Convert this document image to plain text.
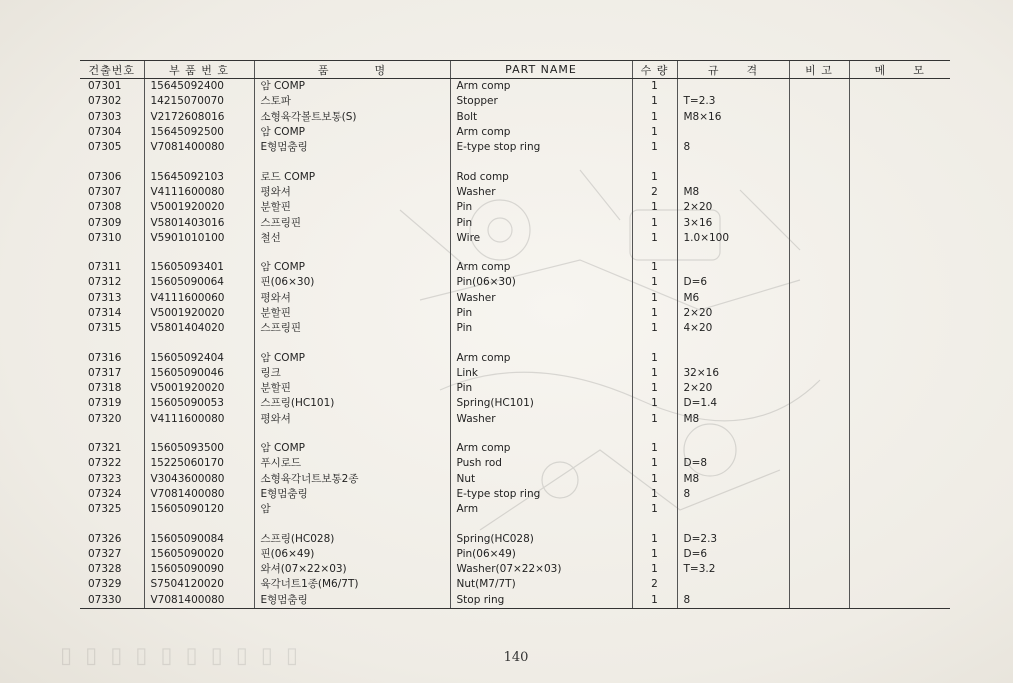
건출번호	부 품 번 호	품          명	PART NAME	수 량	규      격	비 고	메      모
07301	15645092400	암 COMP	Arm comp	1			
07302	14215070070	스토파	Stopper	1	T=2.3		
07303	V2172608016	소형육각볼트보통(S)	Bolt	1	M8×16		
07304	15645092500	암 COMP	Arm comp	1			
07305	V7081400080	E형멈춤링	E-type stop ring	1	8		

07306	15645092103	로드 COMP	Rod comp	1			
07307	V4111600080	평와셔	Washer	2	M8		
07308	V5001920020	분할핀	Pin	1	2×20		
07309	V5801403016	스프링핀	Pin	1	3×16		
07310	V5901010100	철선	Wire	1	1.0×100		

07311	15605093401	암 COMP	Arm comp	1			
07312	15605090064	핀(06×30)	Pin(06×30)	1	D=6		
07313	V4111600060	평와셔	Washer	1	M6		
07314	V5001920020	분할핀	Pin	1	2×20		
07315	V5801404020	스프링핀	Pin	1	4×20		

07316	15605092404	암 COMP	Arm comp	1			
07317	15605090046	링크	Link	1	32×16		
07318	V5001920020	분할핀	Pin	1	2×20		
07319	15605090053	스프링(HC101)	Spring(HC101)	1	D=1.4		
07320	V4111600080	평와셔	Washer	1	M8		

07321	15605093500	암 COMP	Arm comp	1			
07322	15225060170	푸시로드	Push rod	1	D=8		
07323	V3043600080	소형육각너트보통2종	Nut	1	M8		
07324	V7081400080	E형멈춤링	E-type stop ring	1	8		
07325	15605090120	암	Arm	1			

07326	15605090084	스프링(HC028)	Spring(HC028)	1	D=2.3		
07327	15605090020	핀(06×49)	Pin(06×49)	1	D=6		
07328	15605090090	와셔(07×22×03)	Washer(07×22×03)	1	T=3.2		
07329	S7504120020	육각너트1종(M6/7T)	Nut(M7/7T)	2			
07330	V7081400080	E형멈춤링	Stop ring	1	8		
▯ ▯ ▯ ▯ ▯ ▯ ▯ ▯ ▯ ▯	140
